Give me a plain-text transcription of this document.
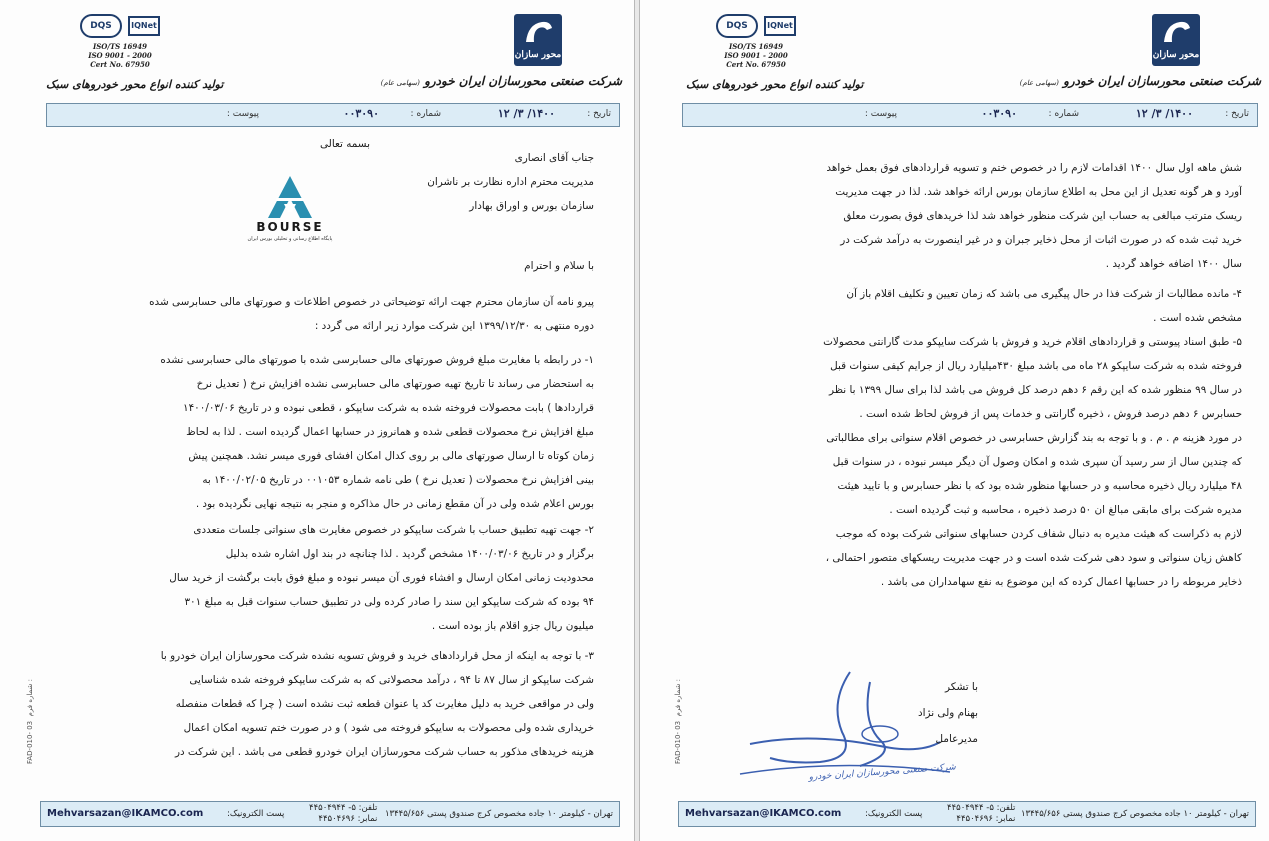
محور سازان
DQS	IQNet
ISO/TS 16949
ISO 9001 - 2000
Cert No. 67950
شرکت صنعتی محورسازان ایران خودرو (سهامی عام)
تولید کننده انواع محور خودروهای سبک
تاریخ :
۱۴۰۰/ ۳/ ۱۲
شماره :
۰۰۳۰۹۰
پیوست :
بسمه تعالی
جناب آقای انصاری
مدیریت محترم اداره نظارت بر ناشران
سازمان بورس و اوراق بهادار
BOURSE
پایگاه اطلاع رسانی و تحلیلی بورس ایران
با سلام و احترام
پیرو نامه آن سازمان محترم جهت ارائه توضیحاتی در خصوص اطلاعات و صورتهای مالی حسابرسی شده
دوره منتهی به ۱۳۹۹/۱۲/۳۰ این شرکت موارد زیر ارائه می گردد :
۱- در رابطه با مغایرت مبلغ فروش صورتهای مالی حسابرسی شده با صورتهای مالی حسابرسی نشده
به استحضار می رساند تا تاریخ تهیه صورتهای مالی حسابرسی نشده افزایش نرخ ( تعدیل نرخ
قراردادها ) بابت محصولات فروخته شده به شرکت سایپکو ، قطعی نبوده و در تاریخ ۱۴۰۰/۰۳/۰۶
مبلغ افزایش نرخ محصولات قطعی شده و همانروز در حسابها اعمال گردیده است . لذا به لحاظ
زمان کوتاه تا ارسال صورتهای مالی بر روی کدال امکان افشای فوری میسر نشد. همچنین پیش
بینی افزایش نرخ محصولات ( تعدیل نرخ ) طی نامه شماره ۰۰۱۰۵۳ در تاریخ ۱۴۰۰/۰۲/۰۵ به
بورس اعلام شده ولی در آن مقطع زمانی در حال مذاکره و منجر به نتیجه نهایی نگردیده بود .
۲- جهت تهیه تطبیق حساب با شرکت سایپکو در خصوص مغایرت های سنواتی جلسات متعددی
برگزار و در تاریخ ۱۴۰۰/۰۳/۰۶ مشخص گردید . لذا چنانچه در بند اول اشاره شده بدلیل
محدودیت زمانی امکان ارسال و افشاء فوری آن میسر نبوده و مبلغ فوق بابت برگشت از خرید سال
۹۴ بوده که شرکت سایپکو این سند را صادر کرده ولی در تطبیق حساب سنوات قبل به مبلغ ۳۰۱
میلیون ریال جزو اقلام باز بوده است .
۳- با توجه به اینکه از محل قراردادهای خرید و فروش تسویه نشده شرکت محورسازان ایران خودرو با
شرکت سایپکو از سال ۸۷ تا ۹۴ ، درآمد محصولاتی که به شرکت سایپکو فروخته شده شناسایی
ولی در مواقعی خرید به دلیل مغایرت کد یا عنوان قطعه ثبت نشده است ( چرا که قطعات منفصله
خریداری شده ولی محصولات به سایپکو فروخته می شود ) و در صورت ختم تسویه امکان اعمال
هزینه خریدهای مذکور به حساب شرکت محورسازان ایران خودرو قطعی می باشد . این شرکت در
FAD-010- 03  شماره فرم :
Mehvarsazan@IKAMCO.com	پست الکترونیک:
تلفن: ۵- ۴۴۵۰۴۹۴۴
نمابر: ۴۴۵۰۴۶۹۶ تهران - کیلومتر ۱۰ جاده مخصوص کرج صندوق پستی ۱۳۴۴۵/۶۵۶
محور سازان
DQS	IQNet
ISO/TS 16949
ISO 9001 - 2000
Cert No. 67950
شرکت صنعتی محورسازان ایران خودرو (سهامی عام)
تولید کننده انواع محور خودروهای سبک
تاریخ :
۱۴۰۰/ ۳/ ۱۲
شماره :
۰۰۳۰۹۰
پیوست :
شش ماهه اول سال ۱۴۰۰ اقدامات لازم را در خصوص ختم و تسویه قراردادهای فوق بعمل خواهد
آورد و هر گونه تعدیل از این محل به اطلاع سازمان بورس ارائه خواهد شد. لذا در جهت مدیریت
ریسک مترتب مبالغی به حساب این شرکت منظور خواهد شد لذا خریدهای فوق بصورت معلق
خرید ثبت شده که در صورت اثبات از محل ذخایر جبران و در غیر اینصورت به درآمد شرکت در
سال ۱۴۰۰ اضافه خواهد گردید .
۴- مانده مطالبات از شرکت فذا در حال پیگیری می باشد که زمان تعیین و تکلیف اقلام باز آن
مشخص شده است .
۵- طبق اسناد پیوستی و قراردادهای اقلام خرید و فروش با شرکت سایپکو مدت گارانتی محصولات
فروخته شده به شرکت سایپکو ۲۸ ماه می باشد مبلغ ۴۳۰میلیارد ریال از جرایم کیفی سنوات قبل
در سال ۹۹ منظور شده که این رقم ۶ دهم درصد کل فروش می باشد لذا برای سال ۱۳۹۹ با نظر
حسابرس ۶ دهم درصد فروش ، ذخیره گارانتی و خدمات پس از فروش لحاظ شده است .
در مورد هزینه م . م . و با توجه به بند گزارش حسابرسی در خصوص اقلام سنواتی برای مطالباتی
که چندین سال از سر رسید آن سپری شده و امکان وصول آن دیگر میسر نبوده ، در سنوات قبل
۴۸ میلیارد ریال ذخیره محاسبه و در حسابها منظور شده بود که با نظر حسابرس و با تایید هیئت
مدیره شرکت برای مابقی مبالغ ان ۵۰ درصد ذخیره ، محاسبه و ثبت گردیده است .
لازم به ذکراست که هیئت مدیره به دنبال شفاف کردن حسابهای سنواتی شرکت بوده که موجب
کاهش زیان سنواتی و سود دهی شرکت شده است و در جهت مدیریت ریسکهای متصور احتمالی ،
ذخایر مربوطه را در حسابها اعمال کرده که این موضوع به نفع سهامداران می باشد .
شرکت صنعتی محورسازان ایران خودرو
با تشکر
بهنام ولی نژاد
مدیرعامل
FAD-010- 03  شماره فرم :
Mehvarsazan@IKAMCO.com	پست الکترونیک:
تلفن: ۵- ۴۴۵۰۴۹۴۴
نمابر: ۴۴۵۰۴۶۹۶ تهران - کیلومتر ۱۰ جاده مخصوص کرج صندوق پستی ۱۳۴۴۵/۶۵۶
